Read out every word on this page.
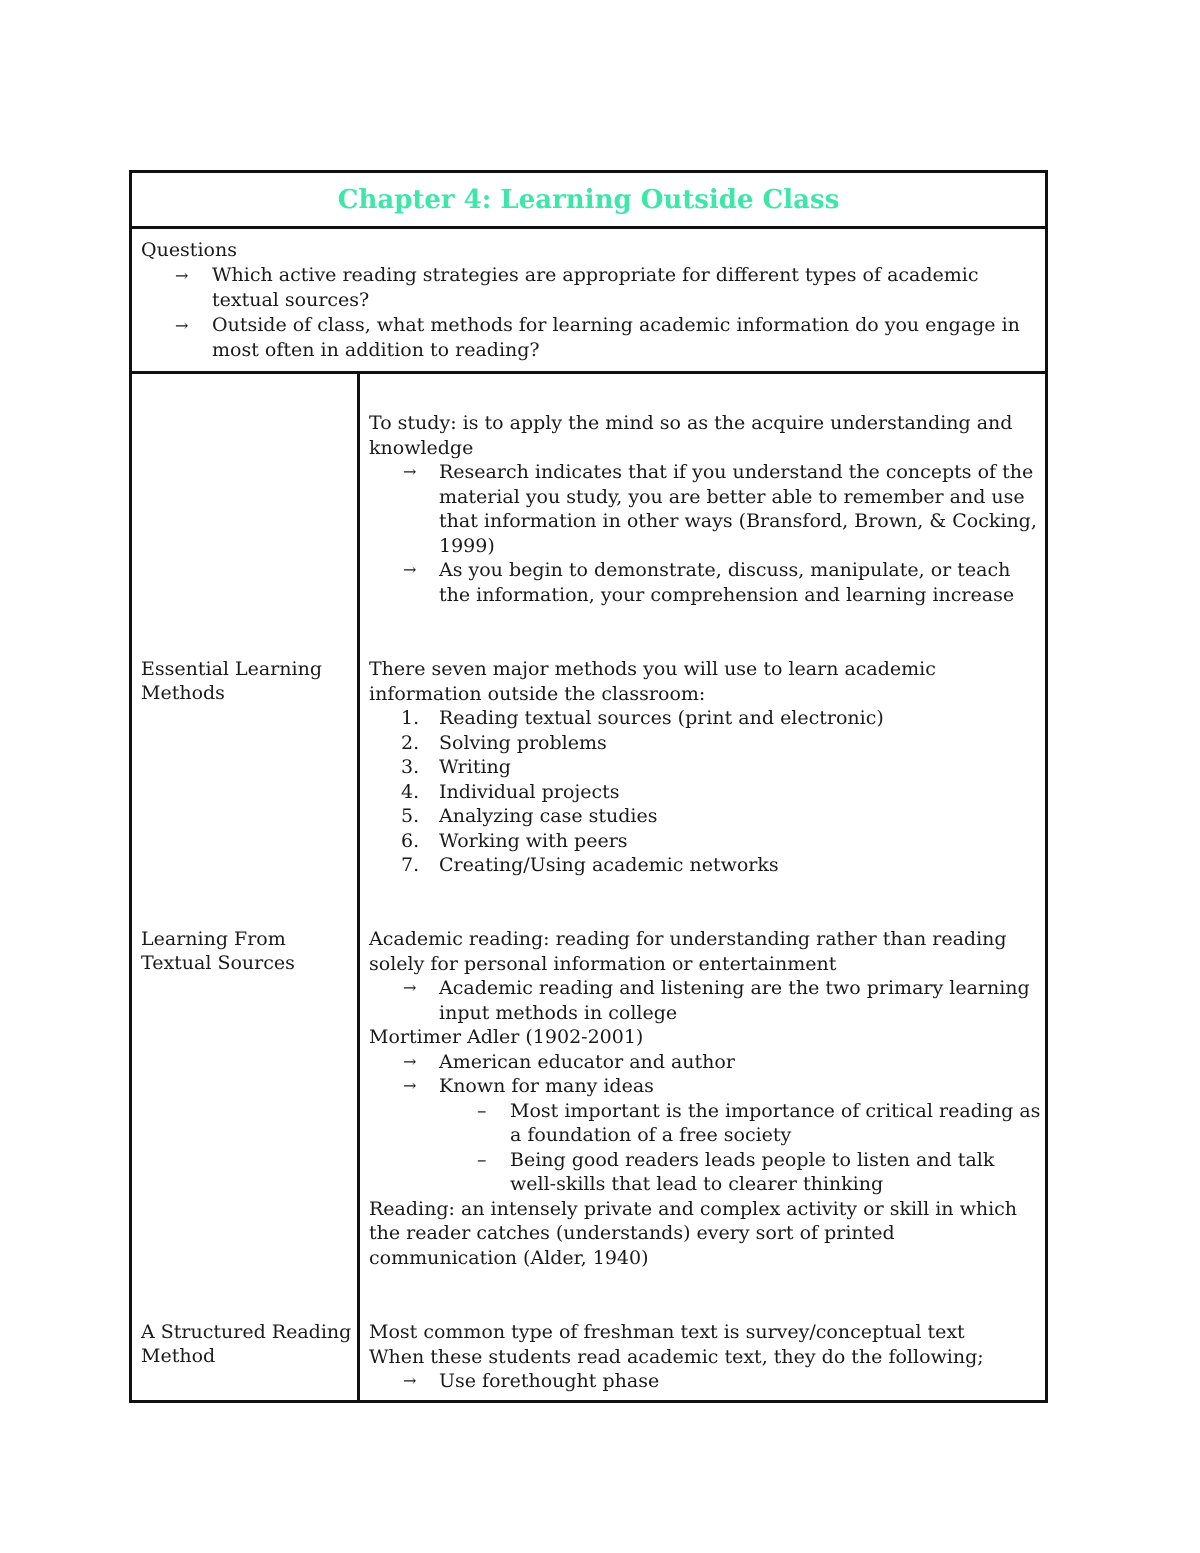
Chapter 4: Learning Outside Class
Questions
→ Which active reading strategies are appropriate for different types of academic textual sources?
→ Outside of class, what methods for learning academic information do you engage in most often in addition to reading?
To study: is to apply the mind so as the acquire understanding and knowledge
→ Research indicates that if you understand the concepts of the material you study, you are better able to remember and use that information in other ways (Bransford, Brown, & Cocking, 1999)
→ As you begin to demonstrate, discuss, manipulate, or teach the information, your comprehension and learning increase
Essential Learning Methods
There seven major methods you will use to learn academic information outside the classroom:
1. Reading textual sources (print and electronic)
2. Solving problems
3. Writing
4. Individual projects
5. Analyzing case studies
6. Working with peers
7. Creating/Using academic networks
Learning From Textual Sources
Academic reading: reading for understanding rather than reading solely for personal information or entertainment
→ Academic reading and listening are the two primary learning input methods in college
Mortimer Adler (1902-2001)
→ American educator and author
→ Known for many ideas
– Most important is the importance of critical reading as a foundation of a free society
– Being good readers leads people to listen and talk well-skills that lead to clearer thinking
Reading: an intensely private and complex activity or skill in which the reader catches (understands) every sort of printed communication (Alder, 1940)
A Structured Reading Method
Most common type of freshman text is survey/conceptual text
When these students read academic text, they do the following;
→ Use forethought phase
